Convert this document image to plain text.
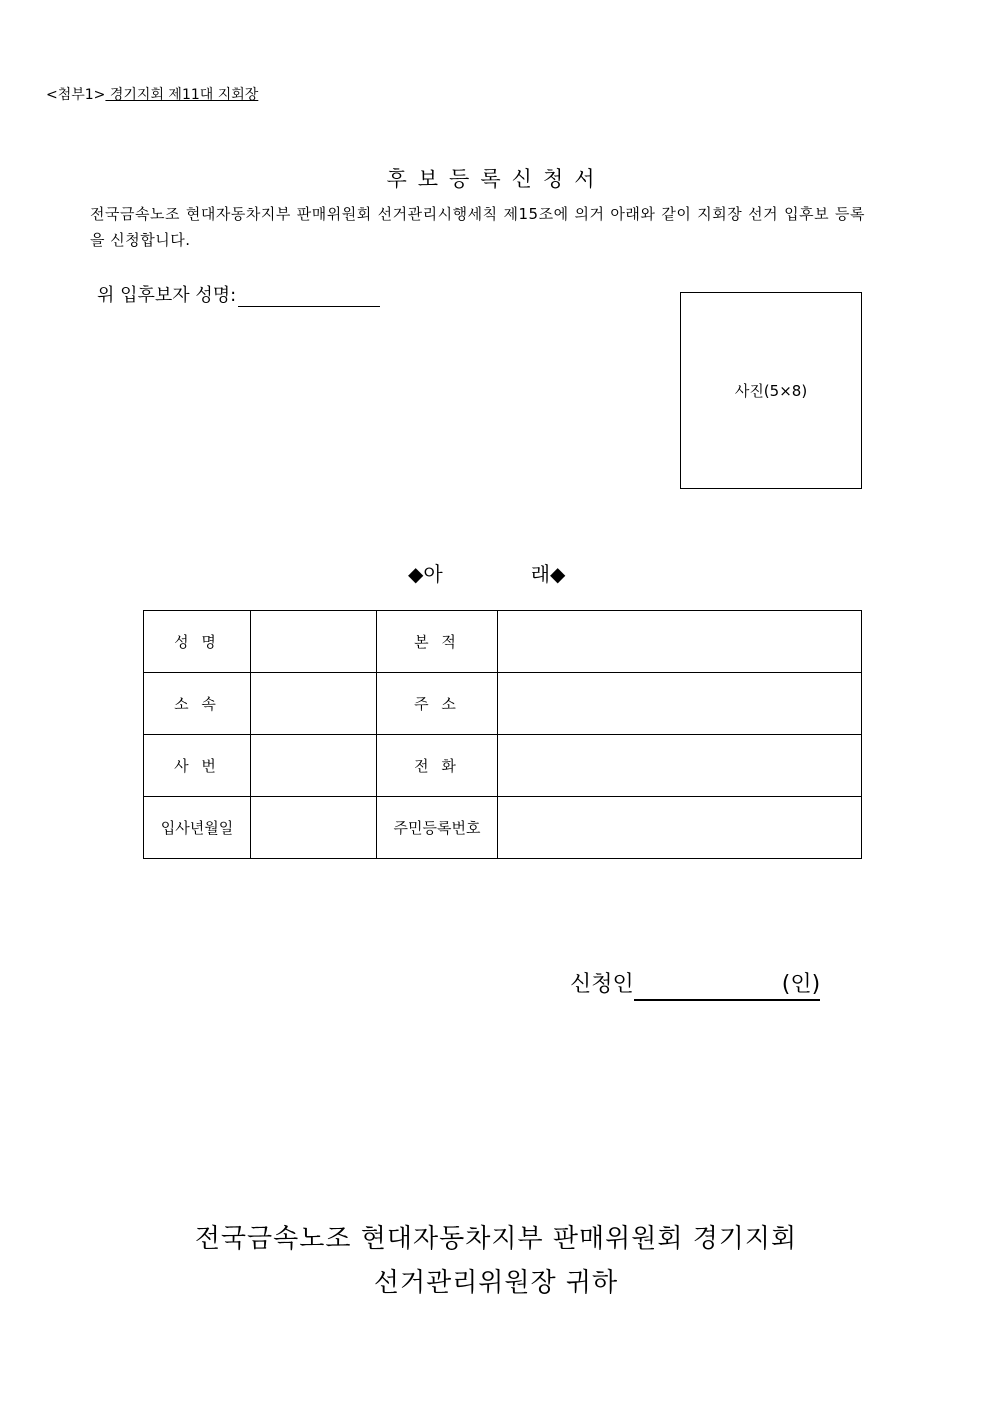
<첨부1> 경기지회 제11대 지회장
후보등록신청서
전국금속노조 현대자동차지부 판매위원회 선거관리시행세칙 제15조에 의거 아래와 같이 지회장 선거 입후보 등록을 신청합니다.
위 입후보자 성명:
사진(5×8)
◆아	래◆
성 명		본 적	
소 속		주 소	
사 번		전 화	
입사년월일		주민등록번호	
신청인	(인)
전국금속노조 현대자동차지부 판매위원회 경기지회
선거관리위원장 귀하
